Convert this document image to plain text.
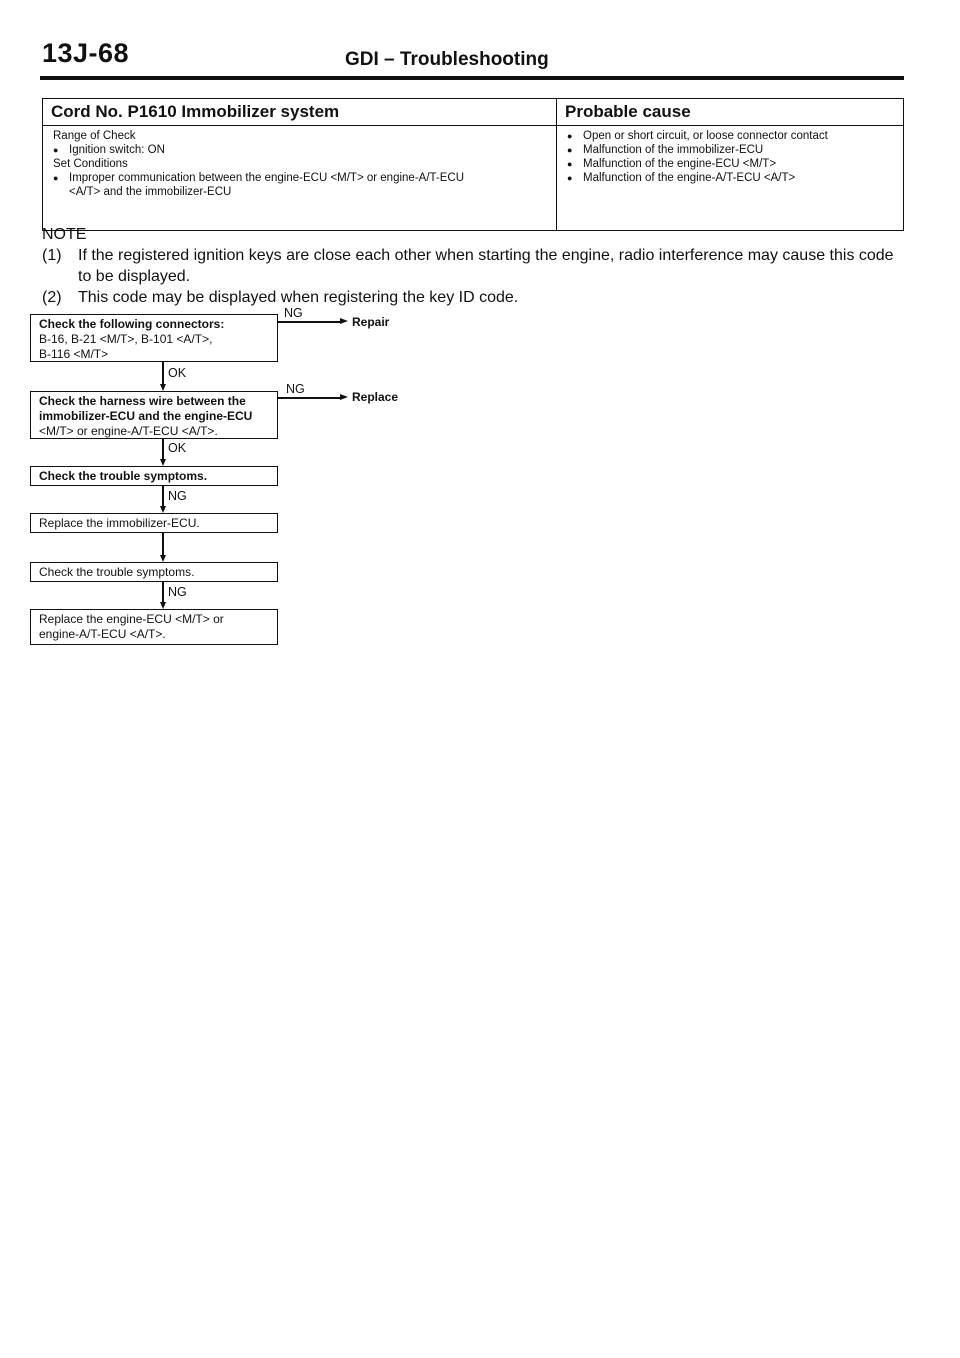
13J-68	GDI – Troubleshooting
Cord No. P1610 Immobilizer system	Probable cause
Range of Check
● Ignition switch: ON
Set Conditions
● Improper communication between the engine-ECU <M/T> or engine-A/T-ECU
<A/T> and the immobilizer-ECU
● Open or short circuit, or loose connector contact
● Malfunction of the immobilizer-ECU
● Malfunction of the engine-ECU <M/T>
● Malfunction of the engine-A/T-ECU <A/T>
NOTE
(1) If the registered ignition keys are close each other when starting the engine, radio interference may cause this code to be displayed.
(2) This code may be displayed when registering the key ID code.
Check the following connectors:
B-16, B-21 <M/T>, B-101 <A/T>,
B-116 <M/T>
NG
Repair
OK
Check the harness wire between the
immobilizer-ECU and the engine-ECU
<M/T> or engine-A/T-ECU <A/T>.
NG
Replace
OK
Check the trouble symptoms.
NG
Replace the immobilizer-ECU.
Check the trouble symptoms.
NG
Replace the engine-ECU <M/T> or
engine-A/T-ECU <A/T>.
